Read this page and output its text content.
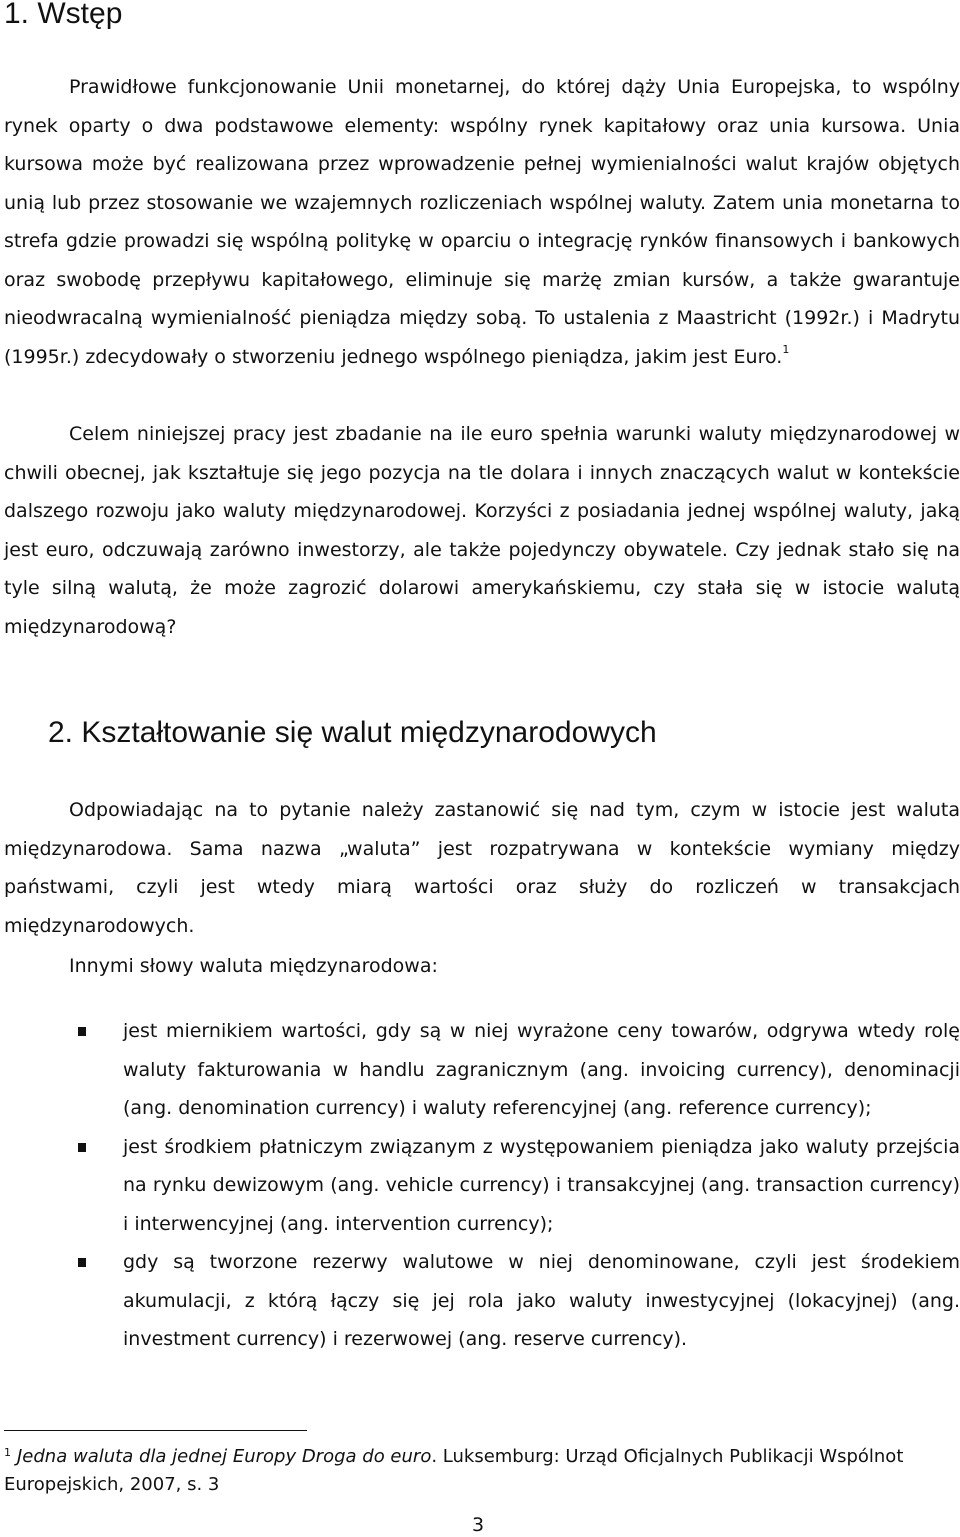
1. Wstęp

Prawidłowe funkcjonowanie Unii monetarnej, do której dąży Unia Europejska, to wspólny rynek oparty o dwa podstawowe elementy: wspólny rynek kapitałowy oraz unia kursowa. Unia kursowa może być realizowana przez wprowadzenie pełnej wymienialności walut krajów objętych unią lub przez stosowanie we wzajemnych rozliczeniach wspólnej waluty. Zatem unia monetarna to strefa gdzie prowadzi się wspólną politykę w oparciu o integrację rynków finansowych i bankowych oraz swobodę przepływu kapitałowego, eliminuje się marżę zmian kursów, a także gwarantuje nieodwracalną wymienialność pieniądza między sobą. To ustalenia z Maastricht (1992r.) i Madrytu (1995r.) zdecydowały o stworzeniu jednego wspólnego pieniądza, jakim jest Euro.$^1$

Celem niniejszej pracy jest zbadanie na ile euro spełnia warunki waluty międzynarodowej w chwili obecnej, jak kształtuje się jego pozycja na tle dolara i innych znaczących walut w kontekście dalszego rozwoju jako waluty międzynarodowej. Korzyści z posiadania jednej wspólnej waluty, jaką jest euro, odczuwają zarówno inwestorzy, ale także pojedynczy obywatele. Czy jednak stało się na tyle silną walutą, że może zagrozić dolarowi amerykańskiemu, czy stała się w istocie walutą międzynarodową?

2. Kształtowanie się walut międzynarodowych

Odpowiadając na to pytanie należy zastanowić się nad tym, czym w istocie jest waluta międzynarodowa. Sama nazwa „waluta” jest rozpatrywana w kontekście wymiany między państwami, czyli jest wtedy miarą wartości oraz służy do rozliczeń w transakcjach międzynarodowych.

Innymi słowy waluta międzynarodowa:

jest miernikiem wartości, gdy są w niej wyrażone ceny towarów, odgrywa wtedy rolę waluty fakturowania w handlu zagranicznym (ang. invoicing currency), denominacji (ang. denomination currency) i waluty referencyjnej (ang. reference currency);
jest środkiem płatniczym związanym z występowaniem pieniądza jako waluty przejścia na rynku dewizowym (ang. vehicle currency) i transakcyjnej (ang. transaction currency) i interwencyjnej (ang. intervention currency);
gdy są tworzone rezerwy walutowe w niej denominowane, czyli jest środekiem akumulacji, z którą łączy się jej rola jako waluty inwestycyjnej (lokacyjnej) (ang. investment currency) i rezerwowej (ang. reserve currency).

$^1$ Jedna waluta dla jednej Europy Droga do euro. Luksemburg: Urząd Oficjalnych Publikacji Wspólnot Europejskich, 2007, s. 3

3
